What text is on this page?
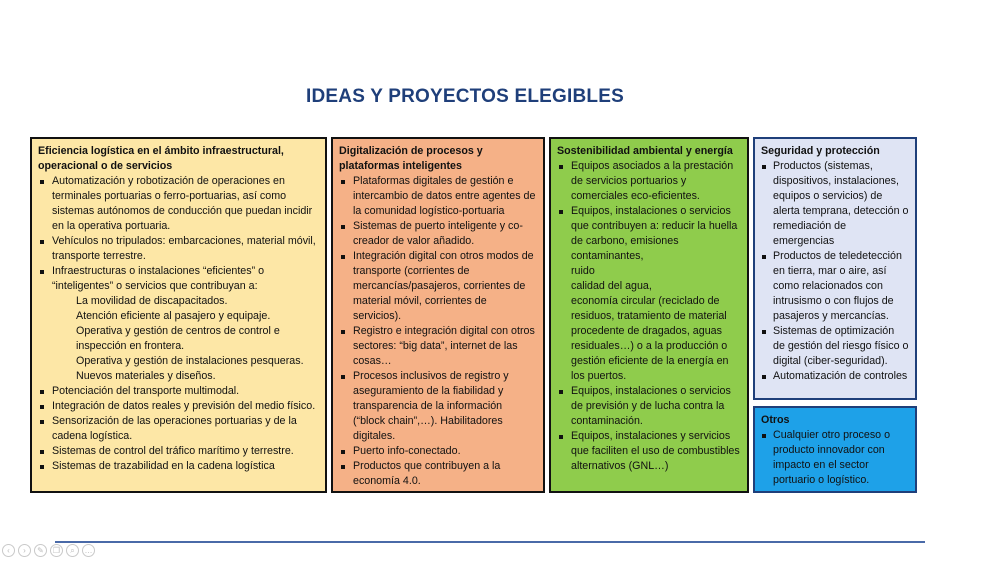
IDEAS Y PROYECTOS ELEGIBLES
Eficiencia logística en el ámbito infraestructural, operacional o de servicios
Automatización y robotización de operaciones en terminales portuarias o ferro-portuarias, así como sistemas autónomos de conducción que puedan incidir en la operativa portuaria.
Vehículos no tripulados: embarcaciones, material móvil, transporte terrestre.
Infraestructuras o instalaciones “eficientes” o “inteligentes” o servicios que contribuyan a:
La movilidad de discapacitados.
Atención eficiente al pasajero y equipaje.
Operativa y gestión de centros de control e inspección en frontera.
Operativa y gestión de instalaciones pesqueras.
Nuevos materiales y diseños.
Potenciación del transporte multimodal.
Integración de datos reales y previsión del medio físico.
Sensorización de las operaciones portuarias y de la cadena logística.
Sistemas de control del tráfico marítimo y terrestre.
Sistemas de trazabilidad en la cadena logística
Digitalización de procesos y plataformas inteligentes
Plataformas digitales de gestión e intercambio de datos entre agentes de la comunidad logístico-portuaria
Sistemas de puerto inteligente y co-creador de valor añadido.
Integración digital con otros modos de transporte (corrientes de mercancías/pasajeros, corrientes de material móvil, corrientes de servicios).
Registro e integración digital con otros sectores: “big data”, internet de las cosas…
Procesos inclusivos de registro y aseguramiento de la fiabilidad y transparencia de la información (“block chain”,…). Habilitadores digitales.
Puerto info-conectado.
Productos que contribuyen a la economía 4.0.
Sostenibilidad ambiental y energía
Equipos asociados a la prestación de servicios portuarios y comerciales eco-eficientes.
Equipos, instalaciones o servicios que contribuyen a: reducir la huella de carbono, emisiones contaminantes,
ruido
calidad del agua,
economía circular (reciclado de residuos, tratamiento de material procedente de dragados, aguas residuales…) o a la producción o gestión eficiente de la energía en los puertos.
Equipos, instalaciones o servicios de previsión y de lucha contra la contaminación.
Equipos, instalaciones y servicios que faciliten el uso de combustibles alternativos (GNL…)
Seguridad y protección
Productos (sistemas, dispositivos, instalaciones, equipos o servicios) de alerta temprana, detección o remediación de emergencias
Productos de teledetección en tierra, mar o aire, así como relacionados con intrusismo o con flujos de pasajeros y mercancías.
Sistemas de optimización de gestión del riesgo físico o digital (ciber-seguridad).
Automatización de controles
Otros
Cualquier otro proceso o producto innovador con impacto en el sector portuario o logístico.
‹	›	✎	❐	⌕	…
